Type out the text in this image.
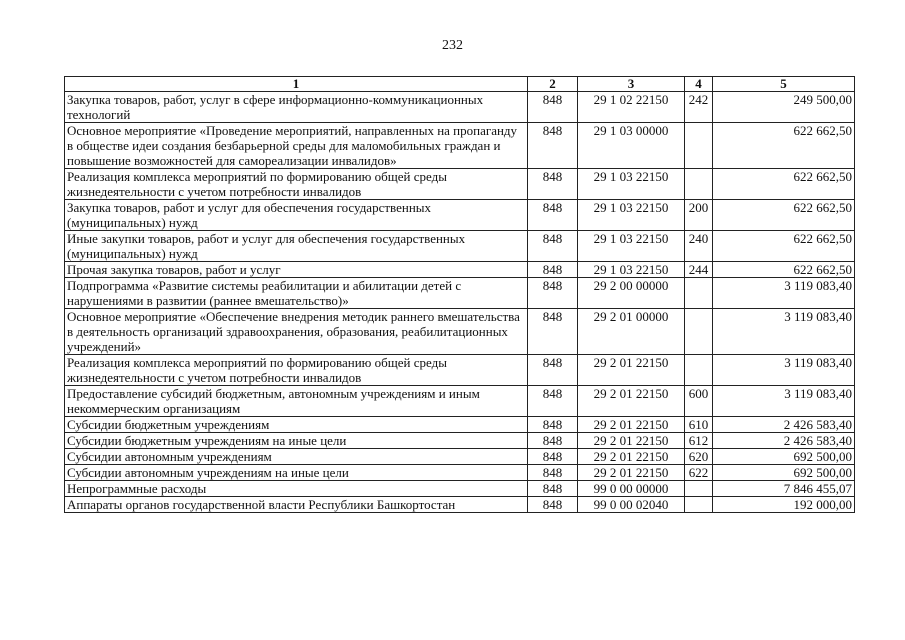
232
1	2	3	4	5
Закупка товаров, работ, услуг в сфере информационно-коммуникационных технологий	848	29 1 02 22150	242	249 500,00
Основное мероприятие «Проведение мероприятий, направленных на пропаганду в обществе идеи создания безбарьерной среды для маломобильных граждан и повышение возможностей для самореализации инвалидов»	848	29 1 03 00000		622 662,50
Реализация комплекса мероприятий по формированию общей среды жизнедеятельности с учетом потребности инвалидов	848	29 1 03 22150		622 662,50
Закупка товаров, работ и услуг для обеспечения государственных (муниципальных) нужд	848	29 1 03 22150	200	622 662,50
Иные закупки товаров, работ и услуг для обеспечения государственных (муниципальных) нужд	848	29 1 03 22150	240	622 662,50
Прочая закупка товаров, работ и услуг	848	29 1 03 22150	244	622 662,50
Подпрограмма «Развитие системы реабилитации и абилитации детей с нарушениями в развитии (раннее вмешательство)»	848	29 2 00 00000		3 119 083,40
Основное мероприятие «Обеспечение внедрения методик раннего вмешательства в деятельность организаций здравоохранения, образования, реабилитационных учреждений»	848	29 2 01 00000		3 119 083,40
Реализация комплекса мероприятий по формированию общей среды жизнедеятельности с учетом потребности инвалидов	848	29 2 01 22150		3 119 083,40
Предоставление субсидий бюджетным, автономным учреждениям и иным некоммерческим организациям	848	29 2 01 22150	600	3 119 083,40
Субсидии бюджетным учреждениям	848	29 2 01 22150	610	2 426 583,40
Субсидии бюджетным учреждениям на иные цели	848	29 2 01 22150	612	2 426 583,40
Субсидии автономным учреждениям	848	29 2 01 22150	620	692 500,00
Субсидии автономным учреждениям на иные цели	848	29 2 01 22150	622	692 500,00
Непрограммные расходы	848	99 0 00 00000		7 846 455,07
Аппараты органов государственной власти Республики Башкортостан	848	99 0 00 02040		192 000,00
